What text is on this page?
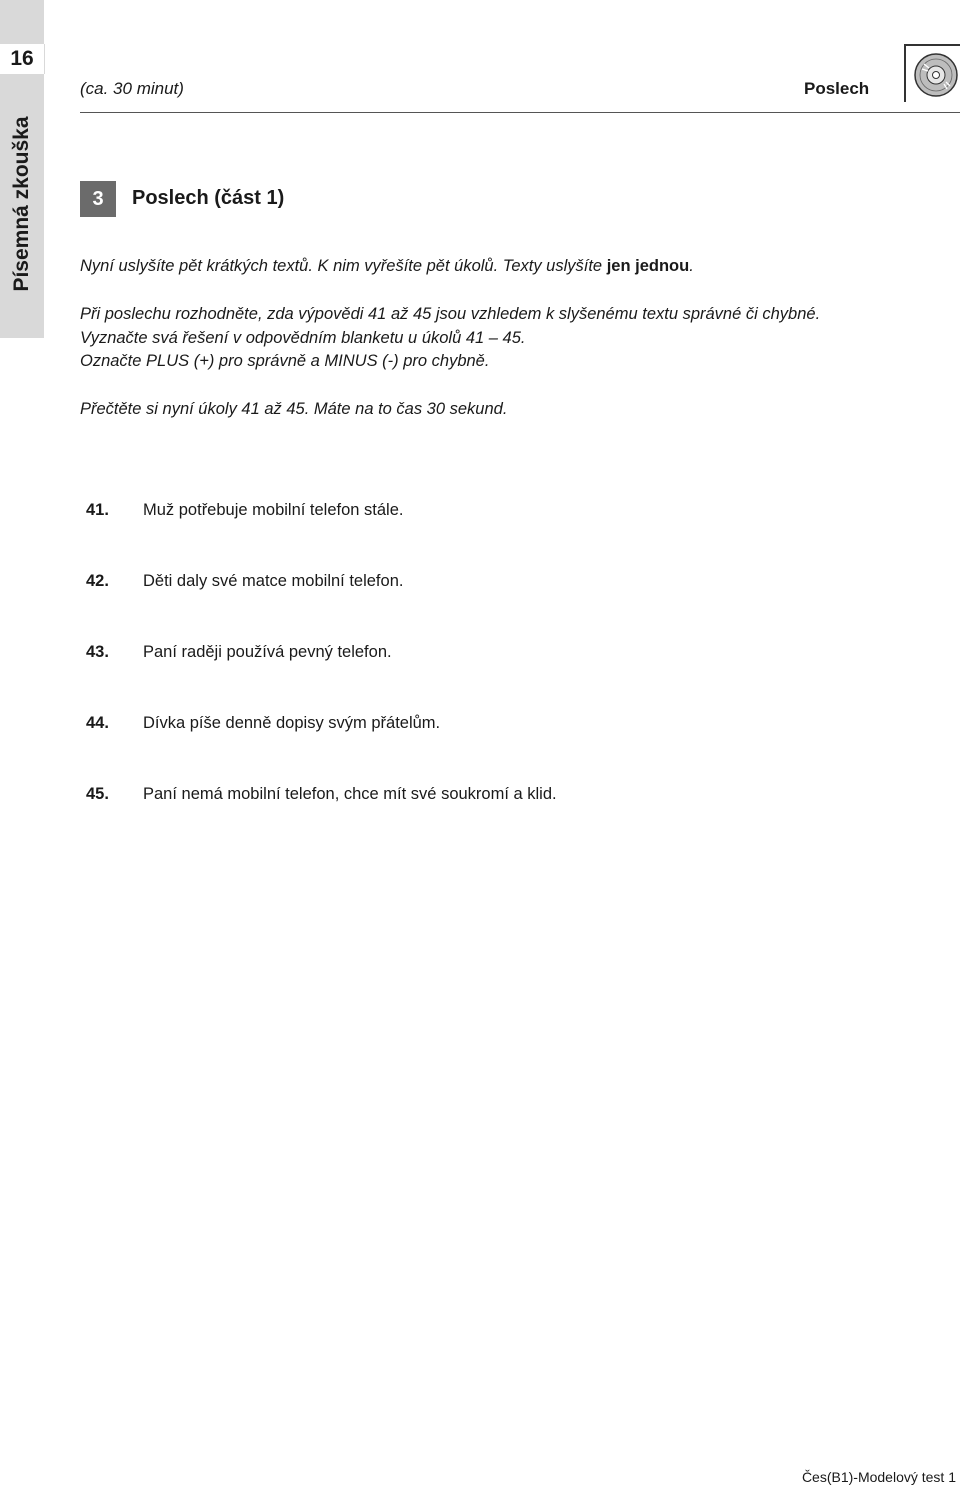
16
Písemná zkouška
(ca. 30 minut)	Poslech
3	Poslech (část 1)
Nyní uslyšíte pět krátkých textů. K nim vyřešíte pět úkolů. Texty uslyšíte jen jednou.
Při poslechu rozhodněte, zda výpovědi 41 až 45 jsou vzhledem k slyšenému textu správné či chybné.
Vyznačte svá řešení v odpovědním blanketu u úkolů 41 – 45.
Označte PLUS (+) pro správně a MINUS (-) pro chybně.
Přečtěte si nyní úkoly 41 až 45. Máte na to čas 30 sekund.
41. Muž potřebuje mobilní telefon stále.
42. Děti daly své matce mobilní telefon.
43. Paní raději používá pevný telefon.
44. Dívka píše denně dopisy svým přátelům.
45. Paní nemá mobilní telefon, chce mít své soukromí a klid.
Čes(B1)-Modelový test 1
